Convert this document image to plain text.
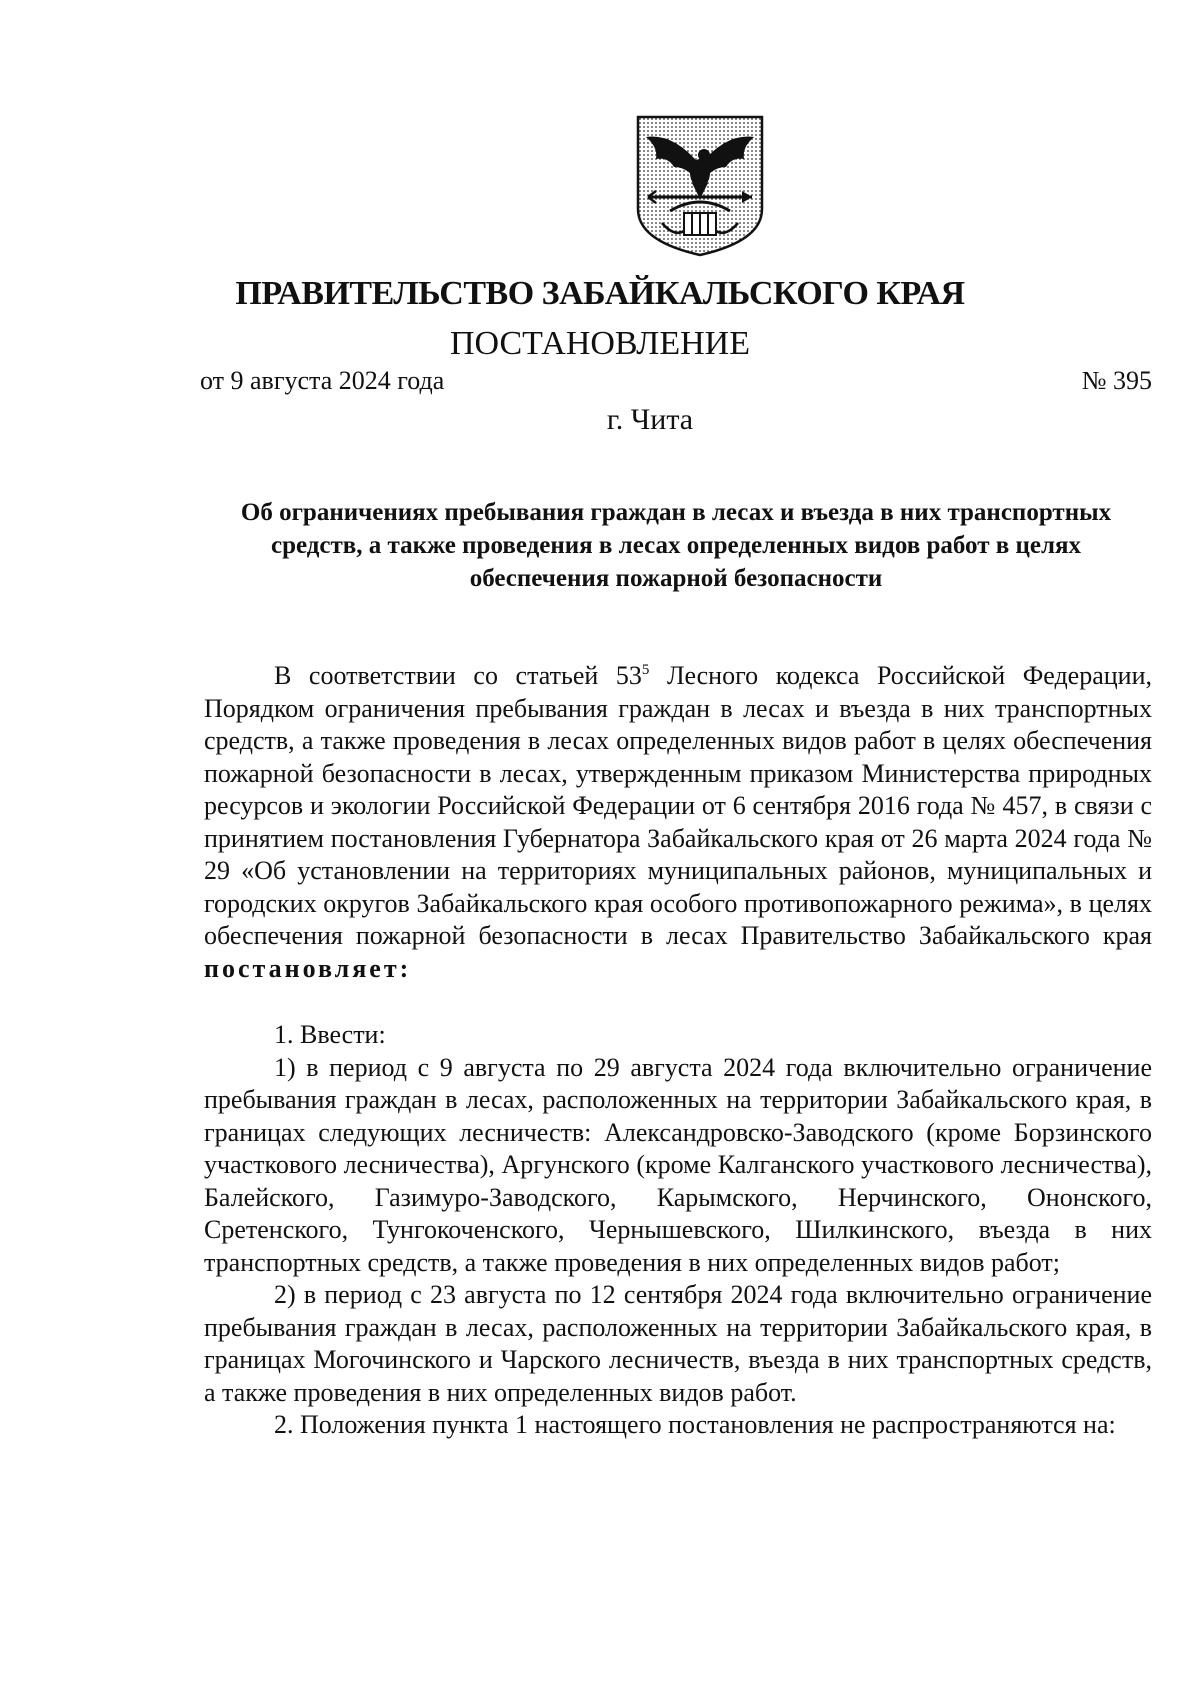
ПРАВИТЕЛЬСТВО ЗАБАЙКАЛЬСКОГО КРАЯ
ПОСТАНОВЛЕНИЕ
от 9 августа 2024 года	№ 395
г. Чита
Об ограничениях пребывания граждан в лесах и въезда в них транспортных средств, а также проведения в лесах определенных видов работ в целях обеспечения пожарной безопасности

В соответствии со статьей $53^5$ Лесного кодекса Российской Федерации, Порядком ограничения пребывания граждан в лесах и въезда в них транспортных средств, а также проведения в лесах определенных видов работ в целях обеспечения пожарной безопасности в лесах, утвержденным приказом Министерства природных ресурсов и экологии Российской Федерации от 6 сентября 2016 года № 457, в связи с принятием постановления Губернатора Забайкальского края от 26 марта 2024 года № 29 «Об установлении на территориях муниципальных районов, муниципальных и городских округов Забайкальского края особого противопожарного режима», в целях обеспечения пожарной безопасности в лесах Правительство Забайкальского края постановляет:

1. Ввести:

1) в период с 9 августа по 29 августа 2024 года включительно ограничение пребывания граждан в лесах, расположенных на территории Забайкальского края, в границах следующих лесничеств: Александровско-Заводского (кроме Борзинского участкового лесничества), Аргунского (кроме Калганского участкового лесничества), Балейского, Газимуро-Заводского, Карымского, Нерчинского, Ононского, Сретенского, Тунгокоченского, Чернышевского, Шилкинского, въезда в них транспортных средств, а также проведения в них определенных видов работ;

2) в период с 23 августа по 12 сентября 2024 года включительно ограничение пребывания граждан в лесах, расположенных на территории Забайкальского края, в границах Могочинского и Чарского лесничеств, въезда в них транспортных средств, а также проведения в них определенных видов работ.

2. Положения пункта 1 настоящего постановления не распространяются на:
